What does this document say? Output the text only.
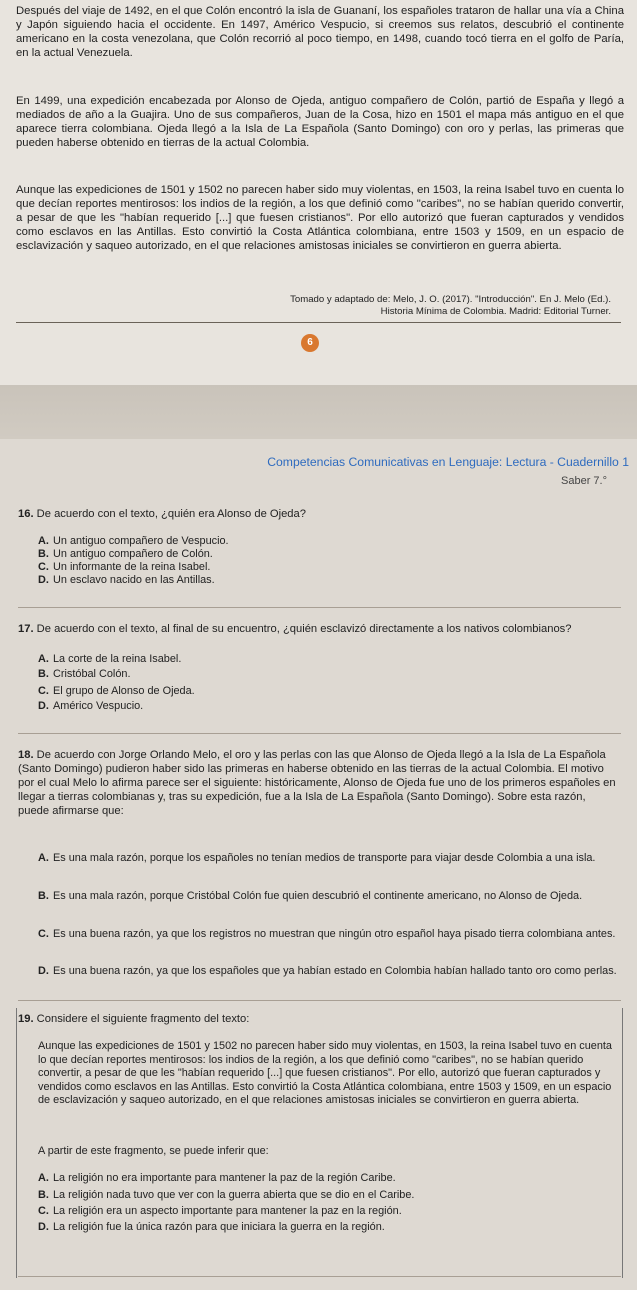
Después del viaje de 1492, en el que Colón encontró la isla de Guananí, los españoles trataron de hallar una vía a China y Japón siguiendo hacia el occidente. En 1497, Américo Vespucio, si creemos sus relatos, descubrió el continente americano en la costa venezolana, que Colón recorrió al poco tiempo, en 1498, cuando tocó tierra en el golfo de Paría, en la actual Venezuela.

En 1499, una expedición encabezada por Alonso de Ojeda, antiguo compañero de Colón, partió de España y llegó a mediados de año a la Guajira. Uno de sus compañeros, Juan de la Cosa, hizo en 1501 el mapa más antiguo en el que aparece tierra colombiana. Ojeda llegó a la Isla de La Española (Santo Domingo) con oro y perlas, las primeras que pueden haberse obtenido en tierras de la actual Colombia.

Aunque las expediciones de 1501 y 1502 no parecen haber sido muy violentas, en 1503, la reina Isabel tuvo en cuenta lo que decían reportes mentirosos: los indios de la región, a los que definió como "caribes", no se habían querido convertir, a pesar de que les "habían requerido [...] que fuesen cristianos". Por ello autorizó que fueran capturados y vendidos como esclavos en las Antillas. Esto convirtió la Costa Atlántica colombiana, entre 1503 y 1509, en un espacio de esclavización y saqueo autorizado, en el que relaciones amistosas iniciales se convirtieron en guerra abierta.

Tomado y adaptado de: Melo, J. O. (2017). "Introducción". En J. Melo (Ed.).
Historia Mínima de Colombia. Madrid: Editorial Turner.
6
Competencias Comunicativas en Lenguaje: Lectura - Cuadernillo 1
Saber 7.°
16. De acuerdo con el texto, ¿quién era Alonso de Ojeda?
A. Un antiguo compañero de Vespucio.
B. Un antiguo compañero de Colón.
C. Un informante de la reina Isabel.
D. Un esclavo nacido en las Antillas.
17. De acuerdo con el texto, al final de su encuentro, ¿quién esclavizó directamente a los nativos colombianos?
A. La corte de la reina Isabel.
B. Cristóbal Colón.
C. El grupo de Alonso de Ojeda.
D. Américo Vespucio.
18. De acuerdo con Jorge Orlando Melo, el oro y las perlas con las que Alonso de Ojeda llegó a la Isla de La Española (Santo Domingo) pudieron haber sido las primeras en haberse obtenido en las tierras de la actual Colombia. El motivo por el cual Melo lo afirma parece ser el siguiente: históricamente, Alonso de Ojeda fue uno de los primeros españoles en llegar a tierras colombianas y, tras su expedición, fue a la Isla de La Española (Santo Domingo). Sobre esta razón, puede afirmarse que:
A. Es una mala razón, porque los españoles no tenían medios de transporte para viajar desde Colombia a una isla.
B. Es una mala razón, porque Cristóbal Colón fue quien descubrió el continente americano, no Alonso de Ojeda.
C. Es una buena razón, ya que los registros no muestran que ningún otro español haya pisado tierra colombiana antes.
D. Es una buena razón, ya que los españoles que ya habían estado en Colombia habían hallado tanto oro como perlas.
19. Considere el siguiente fragmento del texto:
Aunque las expediciones de 1501 y 1502 no parecen haber sido muy violentas, en 1503, la reina Isabel tuvo en cuenta lo que decían reportes mentirosos: los indios de la región, a los que definió como "caribes", no se habían querido convertir, a pesar de que les "habían requerido [...] que fuesen cristianos". Por ello, autorizó que fueran capturados y vendidos como esclavos en las Antillas. Esto convirtió la Costa Atlántica colombiana, entre 1503 y 1509, en un espacio de esclavización y saqueo autorizado, en el que relaciones amistosas iniciales se convirtieron en guerra abierta.
A partir de este fragmento, se puede inferir que:
A. La religión no era importante para mantener la paz de la región Caribe.
B. La religión nada tuvo que ver con la guerra abierta que se dio en el Caribe.
C. La religión era un aspecto importante para mantener la paz en la región.
D. La religión fue la única razón para que iniciara la guerra en la región.
